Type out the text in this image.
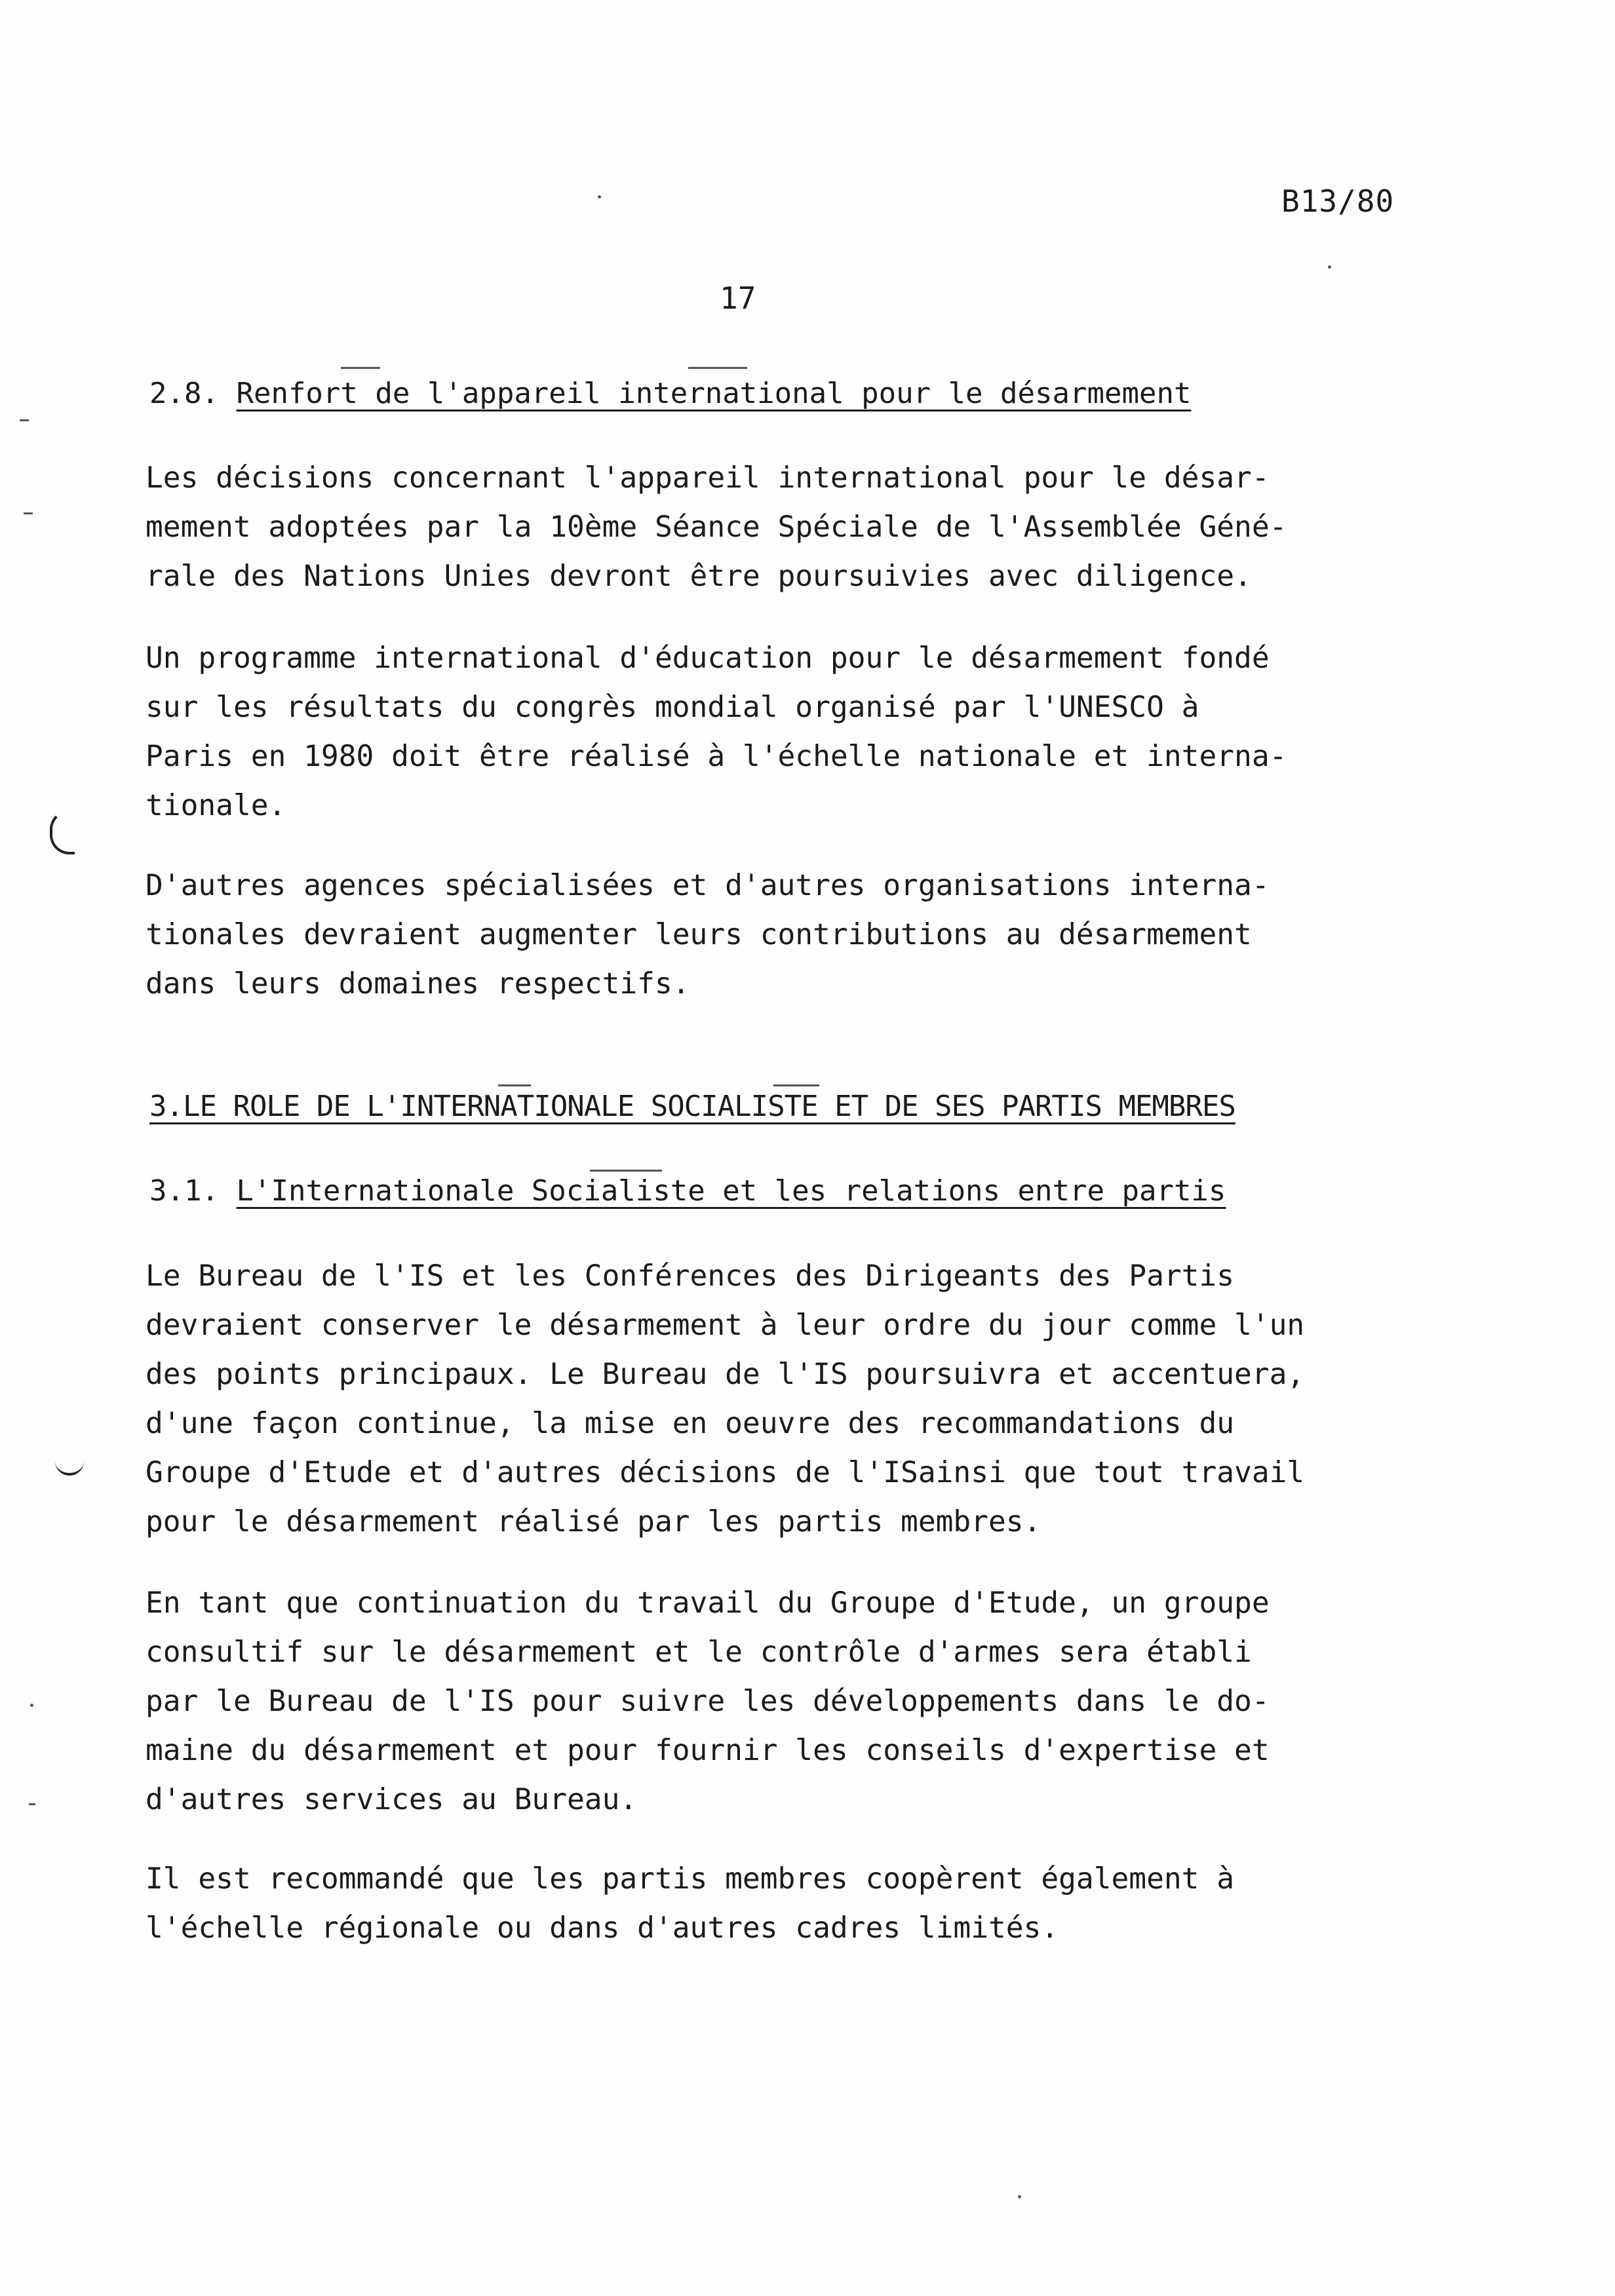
B13/80
17
2.8. Renfort de l'appareil international pour le désarmement

Les décisions concernant l'appareil international pour le désar-
mement adoptées par la 10ème Séance Spéciale de l'Assemblée Géné-
rale des Nations Unies devront être poursuivies avec diligence.

Un programme international d'éducation pour le désarmement fondé
sur les résultats du congrès mondial organisé par l'UNESCO à
Paris en 1980 doit être réalisé à l'échelle nationale et interna-
tionale.

D'autres agences spécialisées et d'autres organisations interna-
tionales devraient augmenter leurs contributions au désarmement
dans leurs domaines respectifs.

3.LE ROLE DE L'INTERNATIONALE SOCIALISTE ET DE SES PARTIS MEMBRES
3.1. L'Internationale Socialiste et les relations entre partis

Le Bureau de l'IS et les Conférences des Dirigeants des Partis
devraient conserver le désarmement à leur ordre du jour comme l'un
des points principaux. Le Bureau de l'IS poursuivra et accentuera,
d'une façon continue, la mise en oeuvre des recommandations du
Groupe d'Etude et d'autres décisions de l'ISainsi que tout travail
pour le désarmement réalisé par les partis membres.

En tant que continuation du travail du Groupe d'Etude, un groupe
consultif sur le désarmement et le contrôle d'armes sera établi
par le Bureau de l'IS pour suivre les développements dans le do-
maine du désarmement et pour fournir les conseils d'expertise et
d'autres services au Bureau.

Il est recommandé que les partis membres coopèrent également à
l'échelle régionale ou dans d'autres cadres limités.
